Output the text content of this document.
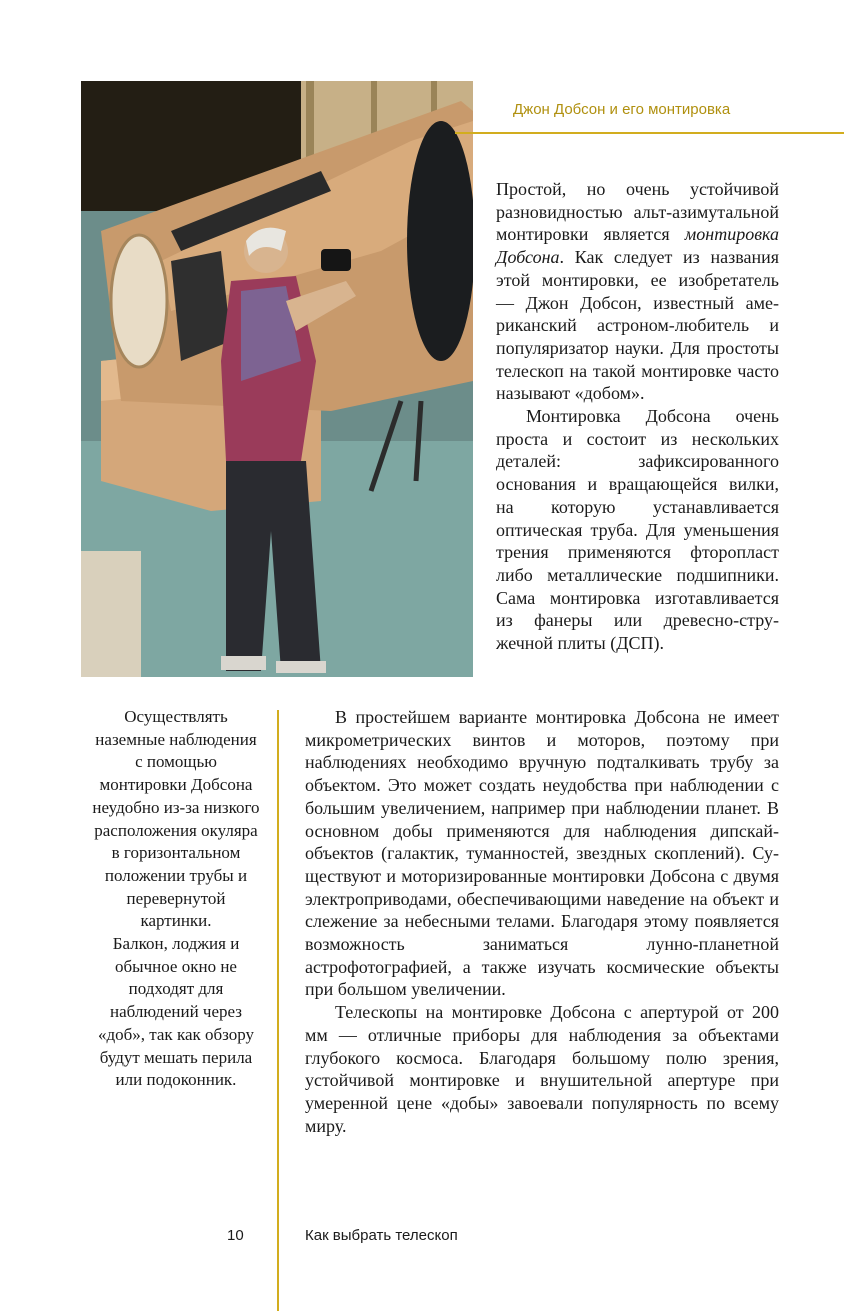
Джон Добсон и его монтировка

Простой, но очень устойчивой разновидностью альт-азимутальной монтировки является монтировка Добсона. Как следует из названия этой монтировки, ее изобретатель — Джон Добсон, известный американский астроном-любитель и популяризатор науки. Для простоты телескоп на такой монтировке часто называют «добом».

Монтировка Добсона очень проста и состоит из нескольких деталей: зафиксированного основания и вращающейся вилки, на которую устанавливается оптическая труба. Для уменьшения трения применяются фторопласт либо металлические подшипники. Сама монтировка изготавливается из фанеры или древесно-стружечной плиты (ДСП).

В простейшем варианте монтировка Добсона не имеет микрометрических винтов и моторов, поэтому при наблюдениях необходимо вручную подталкивать трубу за объектом. Это может создать неудобства при наблюдении с большим увеличением, например при наблюдении планет. В основном добы применяются для наблюдения дипскай-объектов (галактик, туманностей, звездных скоплений). Существуют и моторизированные монтировки Добсона с двумя электроприводами, обеспечивающими наведение на объект и слежение за небесными телами. Благодаря этому появляется возможность заниматься лунно-планетной астрофотографией, а также изучать космические объекты при большом увеличении.

Телескопы на монтировке Добсона с апертурой от 200 мм — отличные приборы для наблюдения за объектами глубокого космоса. Благодаря большому полю зрения, устойчивой монтировке и внушительной апертуре при умеренной цене «добы» завоевали популярность по всему миру.

Осуществлять наземные наблюдения с помощью монтировки Добсона неудобно из-за низкого расположения окуляра в горизонтальном положении трубы и перевернутой картинки.

Балкон, лоджия и обычное окно не подходят для наблюдений через «доб», так как обзору будут мешать перила или подоконник.

10	Как выбрать телескоп
